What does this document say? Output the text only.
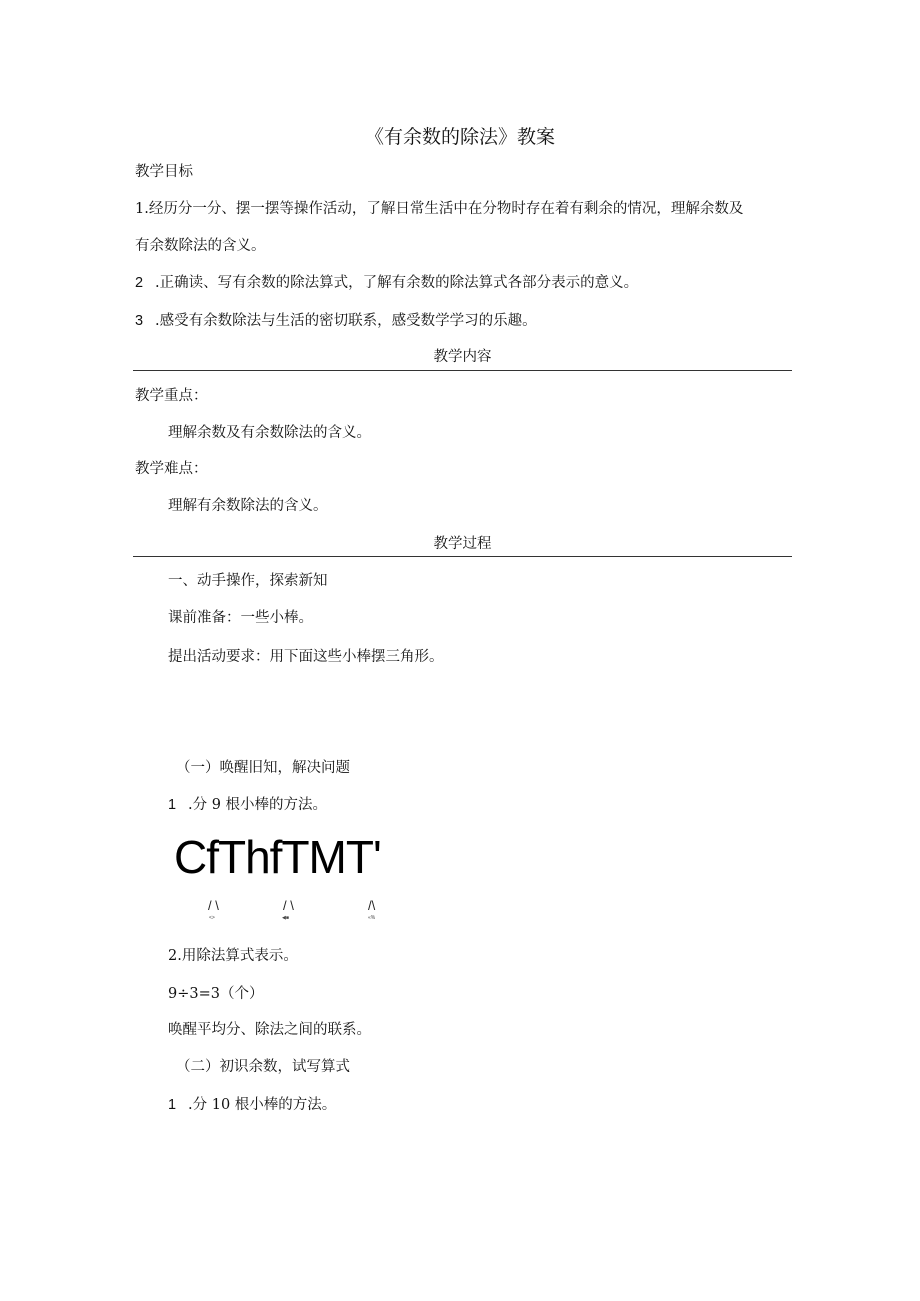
《有余数的除法》教案
教学目标
1.经历分一分、摆一摆等操作活动，了解日常生活中在分物时存在着有剩余的情况，理解余数及
有余数除法的含义。
2 .正确读、写有余数的除法算式，了解有余数的除法算式各部分表示的意义。
3 .感受有余数除法与生活的密切联系，感受数学学习的乐趣。
教学内容
教学重点：
理解余数及有余数除法的含义。
教学难点：
理解有余数除法的含义。
教学过程
一、动手操作，探索新知
课前准备：一些小棒。
提出活动要求：用下面这些小棒摆三角形。
（一）唤醒旧知，解决问题
1 .分 9 根小棒的方法。
CfThfTMT'
/ \	/ \	/\
<>	◀■	«%
2.用除法算式表示。
9÷3=3（个）
唤醒平均分、除法之间的联系。
（二）初识余数，试写算式
1 .分 10 根小棒的方法。
